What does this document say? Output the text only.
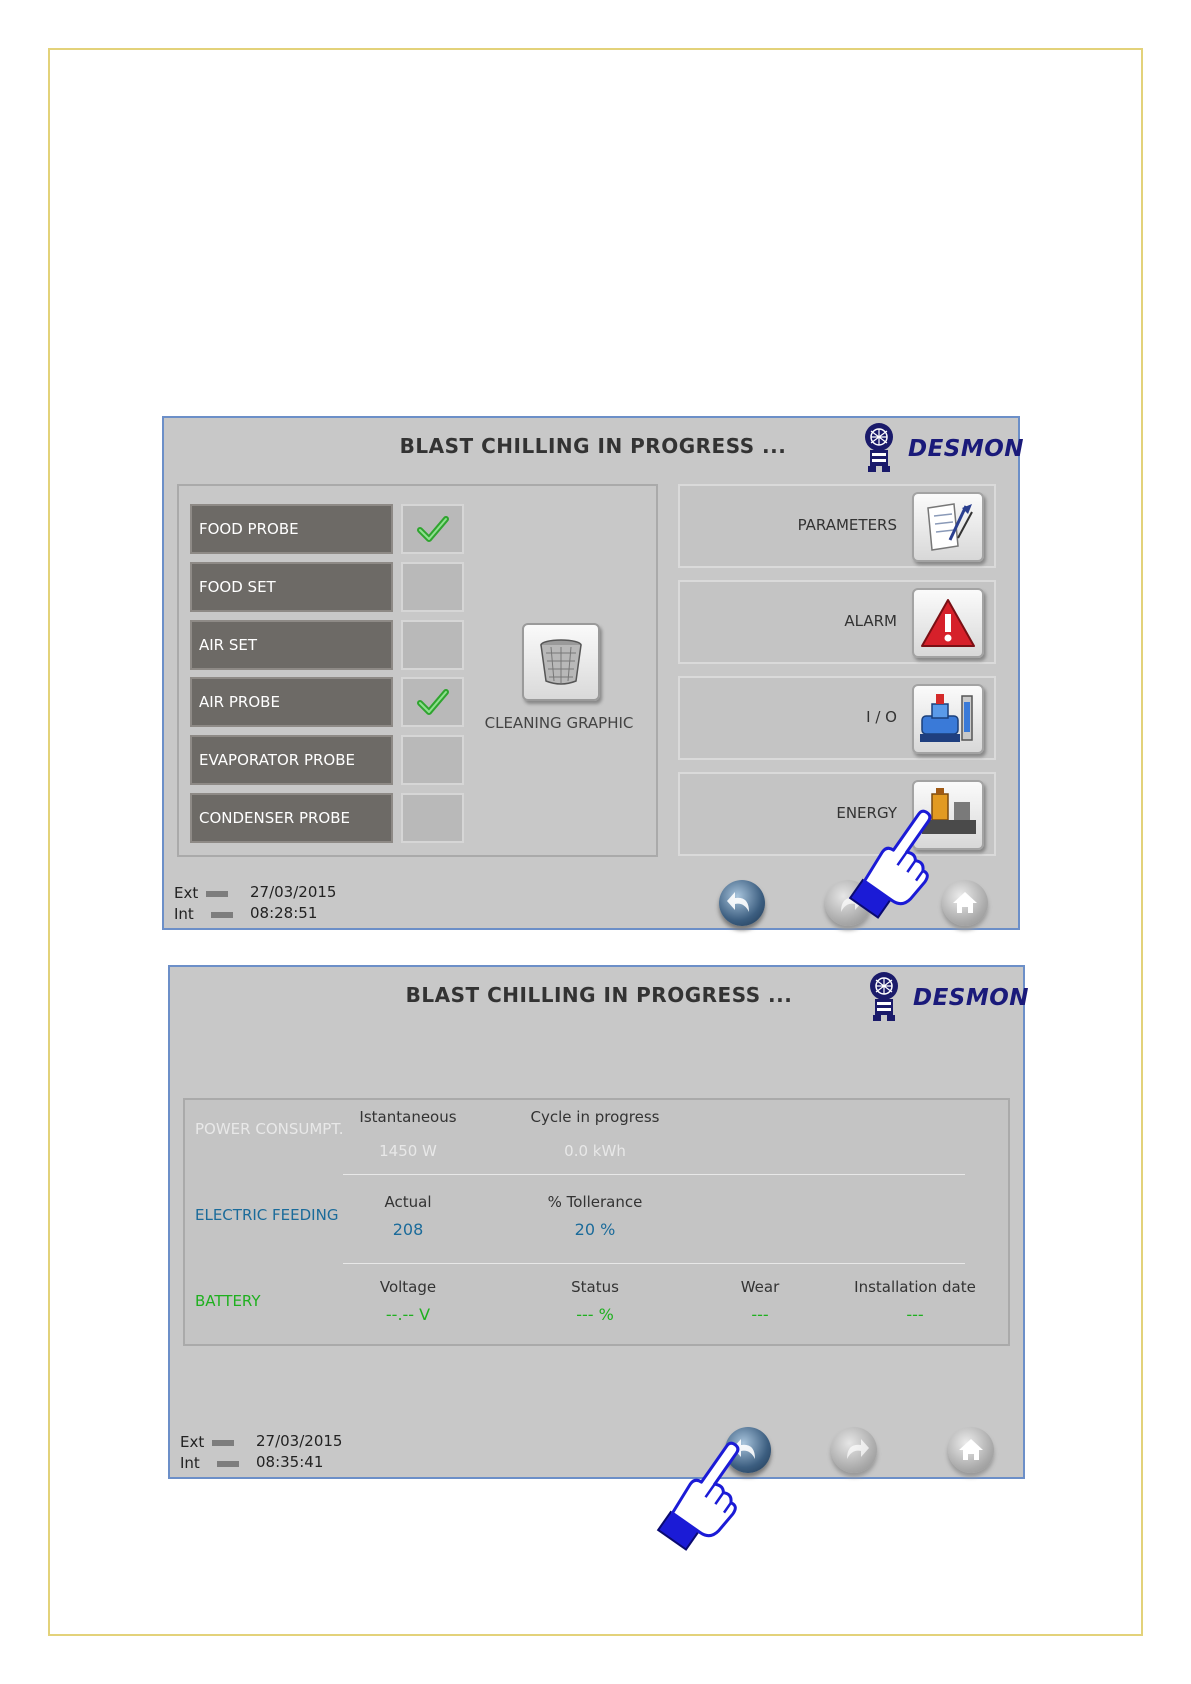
BLAST CHILLING IN PROGRESS ...	DESMON
FOOD PROBE
FOOD SET
AIR SET
AIR PROBE
EVAPORATOR PROBE
CONDENSER PROBE
CLEANING GRAPHIC
PARAMETERS
ALARM
I / O
ENERGY
Ext
Int
27/03/2015
08:28:51
BLAST CHILLING IN PROGRESS ...	DESMON
POWER CONSUMPT.
Istantaneous	Cycle in progress
1450 W	0.0 kWh
ELECTRIC FEEDING
Actual	% Tollerance
208	20 %
BATTERY
Voltage	Status	Wear	Installation date
--.-- V	--- %	---	---
Ext
Int
27/03/2015
08:35:41
